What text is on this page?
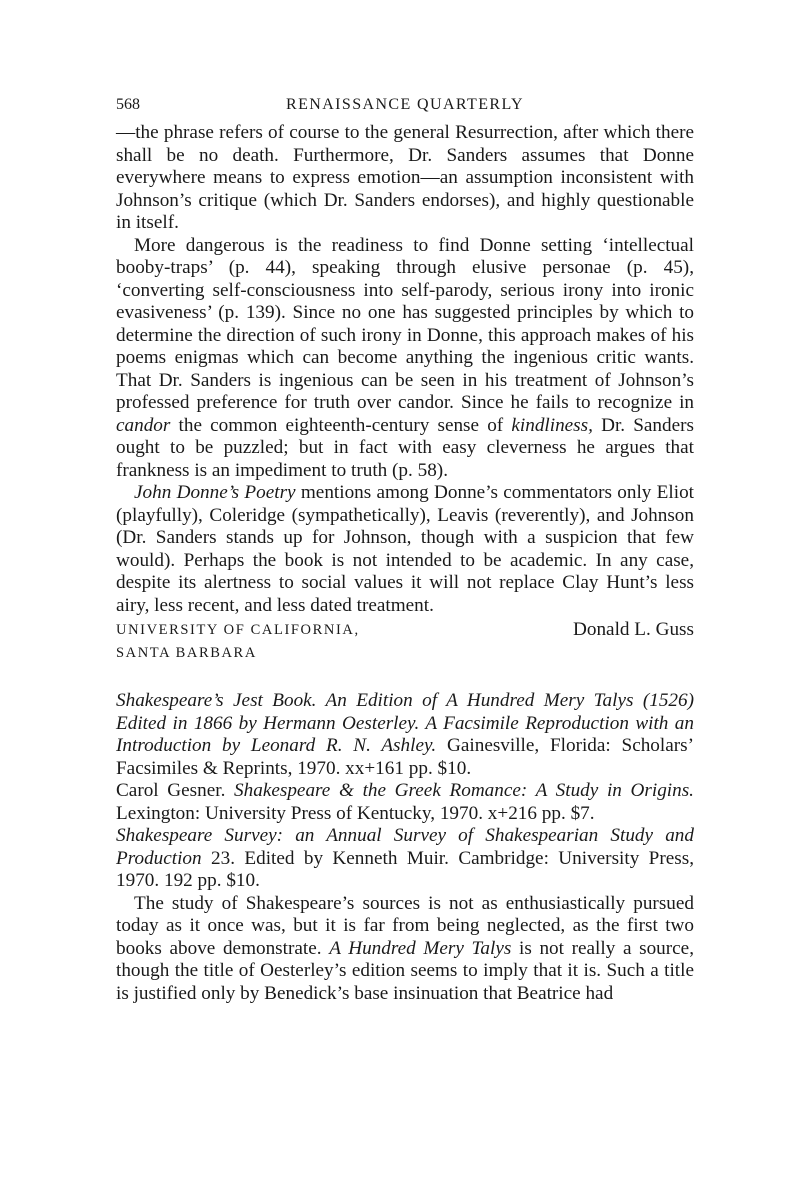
568	RENAISSANCE QUARTERLY

—the phrase refers of course to the general Resurrection, after which there shall be no death. Furthermore, Dr. Sanders assumes that Donne everywhere means to express emotion—an assumption inconsistent with Johnson’s critique (which Dr. Sanders endorses), and highly questionable in itself.

More dangerous is the readiness to find Donne setting ‘intellectual booby-traps’ (p. 44), speaking through elusive personae (p. 45), ‘converting self-consciousness into self-parody, serious irony into ironic evasiveness’ (p. 139). Since no one has suggested principles by which to determine the direction of such irony in Donne, this approach makes of his poems enigmas which can become anything the ingenious critic wants. That Dr. Sanders is ingenious can be seen in his treatment of Johnson’s professed preference for truth over candor. Since he fails to recognize in candor the common eighteenth-century sense of kindliness, Dr. Sanders ought to be puzzled; but in fact with easy cleverness he argues that frankness is an impediment to truth (p. 58).

John Donne’s Poetry mentions among Donne’s commentators only Eliot (playfully), Coleridge (sympathetically), Leavis (reverently), and Johnson (Dr. Sanders stands up for Johnson, though with a suspicion that few would). Perhaps the book is not intended to be academic. In any case, despite its alertness to social values it will not replace Clay Hunt’s less airy, less recent, and less dated treatment.

UNIVERSITY OF CALIFORNIA,	Donald L. Guss
SANTA BARBARA

Shakespeare’s Jest Book. An Edition of A Hundred Mery Talys (1526) Edited in 1866 by Hermann Oesterley. A Facsimile Reproduction with an Introduction by Leonard R. N. Ashley. Gainesville, Florida: Scholars’ Facsimiles & Reprints, 1970. xx+161 pp. $10.

Carol Gesner. Shakespeare & the Greek Romance: A Study in Origins. Lexington: University Press of Kentucky, 1970. x+216 pp. $7.

Shakespeare Survey: an Annual Survey of Shakespearian Study and Production 23. Edited by Kenneth Muir. Cambridge: University Press, 1970. 192 pp. $10.

The study of Shakespeare’s sources is not as enthusiastically pursued today as it once was, but it is far from being neglected, as the first two books above demonstrate. A Hundred Mery Talys is not really a source, though the title of Oesterley’s edition seems to imply that it is. Such a title is justified only by Benedick’s base insinuation that Beatrice had
